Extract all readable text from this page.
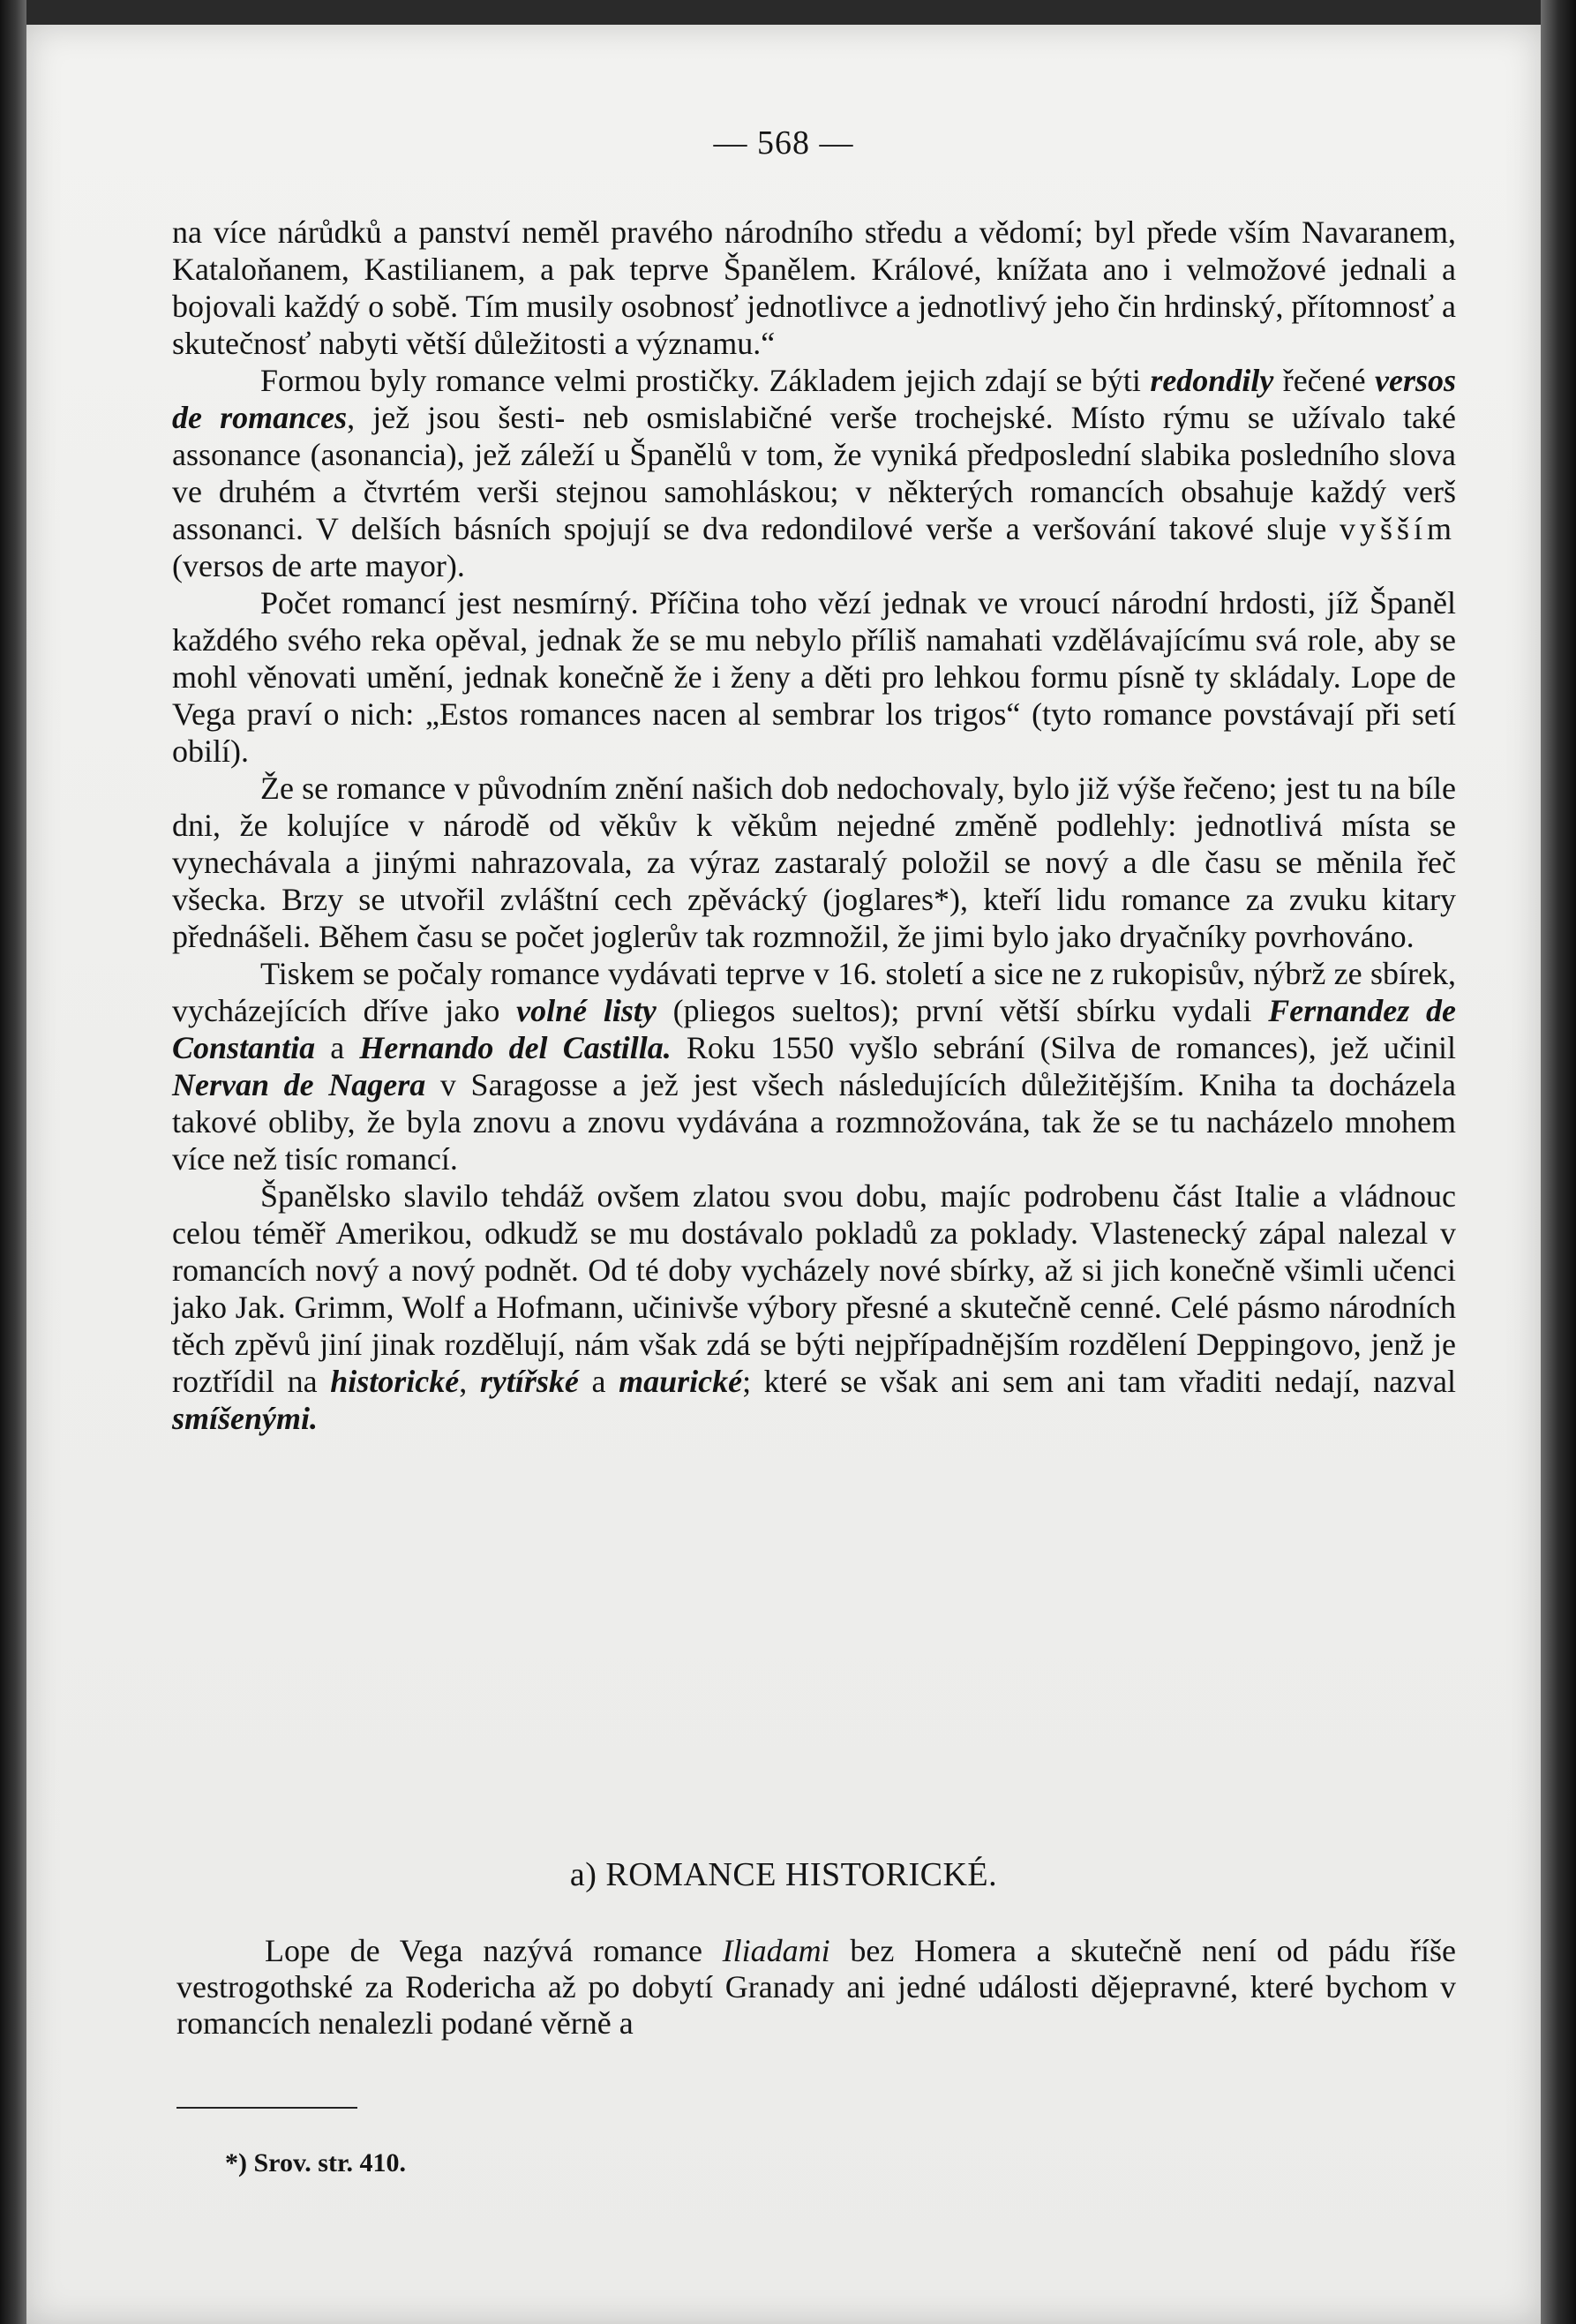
— 568 —

na více nárůdků a panství neměl pravého národního středu a vědomí; byl přede vším Navaranem, Kataloňanem, Kastilianem, a pak teprve Španělem. Králové, knížata ano i velmožové jednali a bojovali každý o sobě. Tím musily osobnosť jednotlivce a jednotlivý jeho čin hrdinský, přítomnosť a skutečnosť nabyti větší důležitosti a významu.“

Formou byly romance velmi prostičky. Základem jejich zdají se býti redondily řečené versos de romances, jež jsou šesti- neb osmislabičné verše trochejské. Místo rýmu se užívalo také assonance (asonancia), jež záleží u Španělů v tom, že vyniká předposlední slabika posledního slova ve druhém a čtvrtém verši stejnou samohláskou; v některých romancích obsahuje každý verš assonanci. V delších básních spojují se dva redondilové verše a veršování takové sluje vyšším (versos de arte mayor).

Počet romancí jest nesmírný. Příčina toho vězí jednak ve vroucí národní hrdosti, jíž Španěl každého svého reka opěval, jednak že se mu nebylo příliš namahati vzdělávajícímu svá role, aby se mohl věnovati umění, jednak konečně že i ženy a děti pro lehkou formu písně ty skládaly. Lope de Vega praví o nich: „Estos romances nacen al sembrar los trigos“ (tyto romance povstávají při setí obilí).

Že se romance v původním znění našich dob nedochovaly, bylo již výše řečeno; jest tu na bíle dni, že kolujíce v národě od věkův k věkům nejedné změně podlehly: jednotlivá místa se vynechávala a jinými nahrazovala, za výraz zastaralý položil se nový a dle času se měnila řeč všecka. Brzy se utvořil zvláštní cech zpěvácký (joglares*), kteří lidu romance za zvuku kitary přednášeli. Během času se počet joglerův tak rozmnožil, že jimi bylo jako dryačníky povrhováno.

Tiskem se počaly romance vydávati teprve v 16. století a sice ne z rukopisův, nýbrž ze sbírek, vycházejících dříve jako volné listy (pliegos sueltos); první větší sbírku vydali Fernandez de Constantia a Hernando del Castilla. Roku 1550 vyšlo sebrání (Silva de romances), jež učinil Nervan de Nagera v Saragosse a jež jest všech následujících důležitějším. Kniha ta docházela takové obliby, že byla znovu a znovu vydávána a rozmnožována, tak že se tu nacházelo mnohem více než tisíc romancí.

Španělsko slavilo tehdáž ovšem zlatou svou dobu, majíc podrobenu část Italie a vládnouc celou téměř Amerikou, odkudž se mu dostávalo pokladů za poklady. Vlastenecký zápal nalezal v romancích nový a nový podnět. Od té doby vycházely nové sbírky, až si jich konečně všimli učenci jako Jak. Grimm, Wolf a Hofmann, učinivše výbory přesné a skutečně cenné. Celé pásmo národních těch zpěvů jiní jinak rozdělují, nám však zdá se býti nejpřípadnějším rozdělení Deppingovo, jenž je roztřídil na historické, rytířské a maurické; které se však ani sem ani tam vřaditi nedají, nazval smíšenými.

a) ROMANCE HISTORICKÉ.

Lope de Vega nazývá romance Iliadami bez Homera a skutečně není od pádu říše vestrogothské za Rodericha až po dobytí Granady ani jedné události dějepravné, které bychom v romancích nenalezli podané věrně a

*) Srov. str. 410.
